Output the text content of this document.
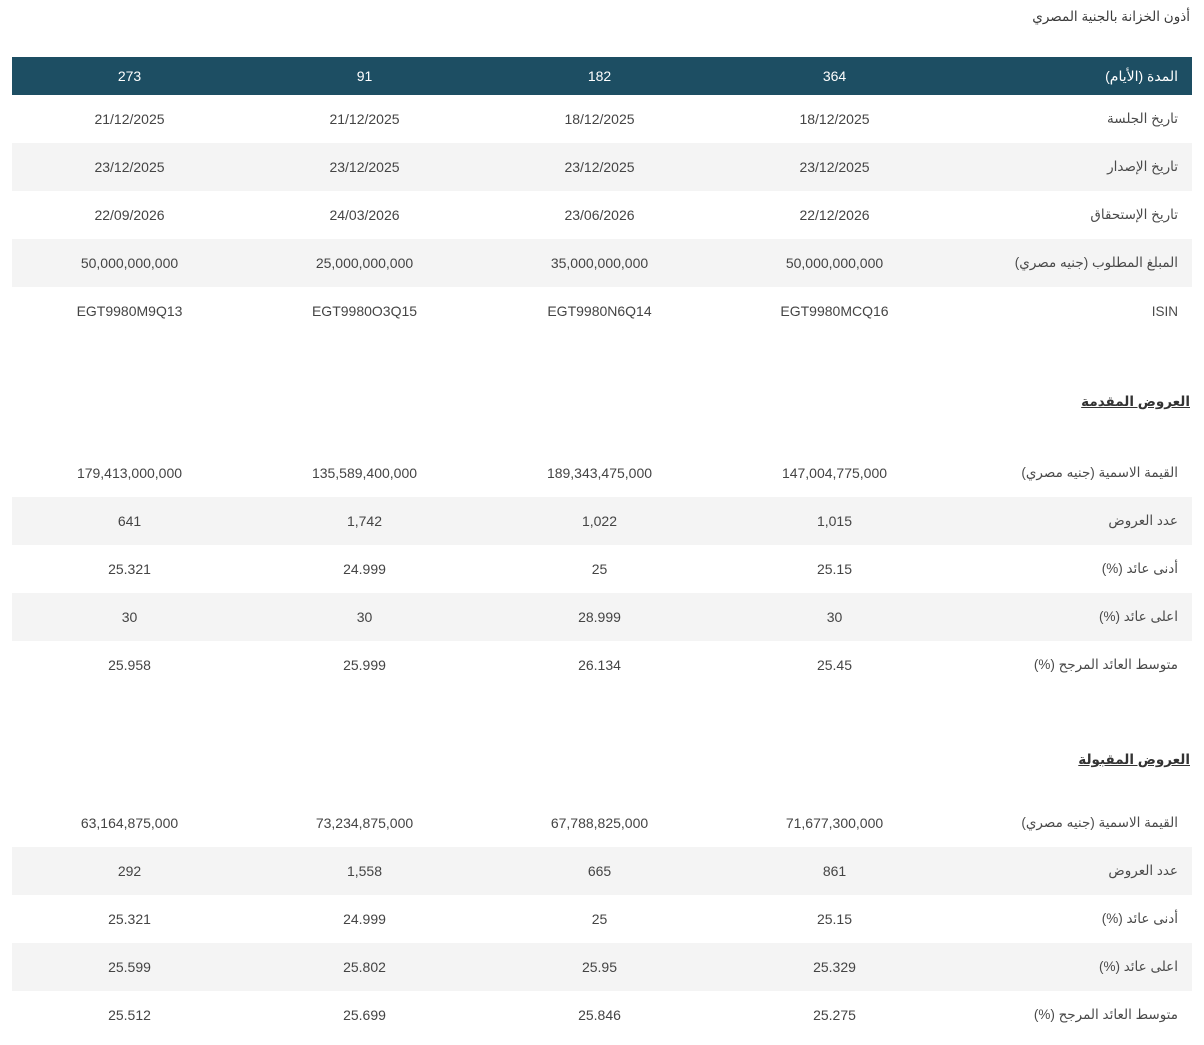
أذون الخزانة بالجنية المصري
المدة (الأيام)
364
182
91
273
تاريخ الجلسة
18/12/2025
18/12/2025
21/12/2025
21/12/2025
تاريخ الإصدار
23/12/2025
23/12/2025
23/12/2025
23/12/2025
تاريخ الإستحقاق
22/12/2026
23/06/2026
24/03/2026
22/09/2026
المبلغ المطلوب (جنيه مصري)
50,000,000,000
35,000,000,000
25,000,000,000
50,000,000,000
ISIN
EGT9980MCQ16
EGT9980N6Q14
EGT9980O3Q15
EGT9980M9Q13
العروض المقدمة
القيمة الاسمية (جنيه مصري)
147,004,775,000
189,343,475,000
135,589,400,000
179,413,000,000
عدد العروض
1,015
1,022
1,742
641
أدنى عائد (%)
25.15
25
24.999
25.321
اعلى عائد (%)
30
28.999
30
30
متوسط العائد المرجح (%)
25.45
26.134
25.999
25.958
العروض المقبولة
القيمة الاسمية (جنيه مصري)
71,677,300,000
67,788,825,000
73,234,875,000
63,164,875,000
عدد العروض
861
665
1,558
292
أدنى عائد (%)
25.15
25
24.999
25.321
اعلى عائد (%)
25.329
25.95
25.802
25.599
متوسط العائد المرجح (%)
25.275
25.846
25.699
25.512
